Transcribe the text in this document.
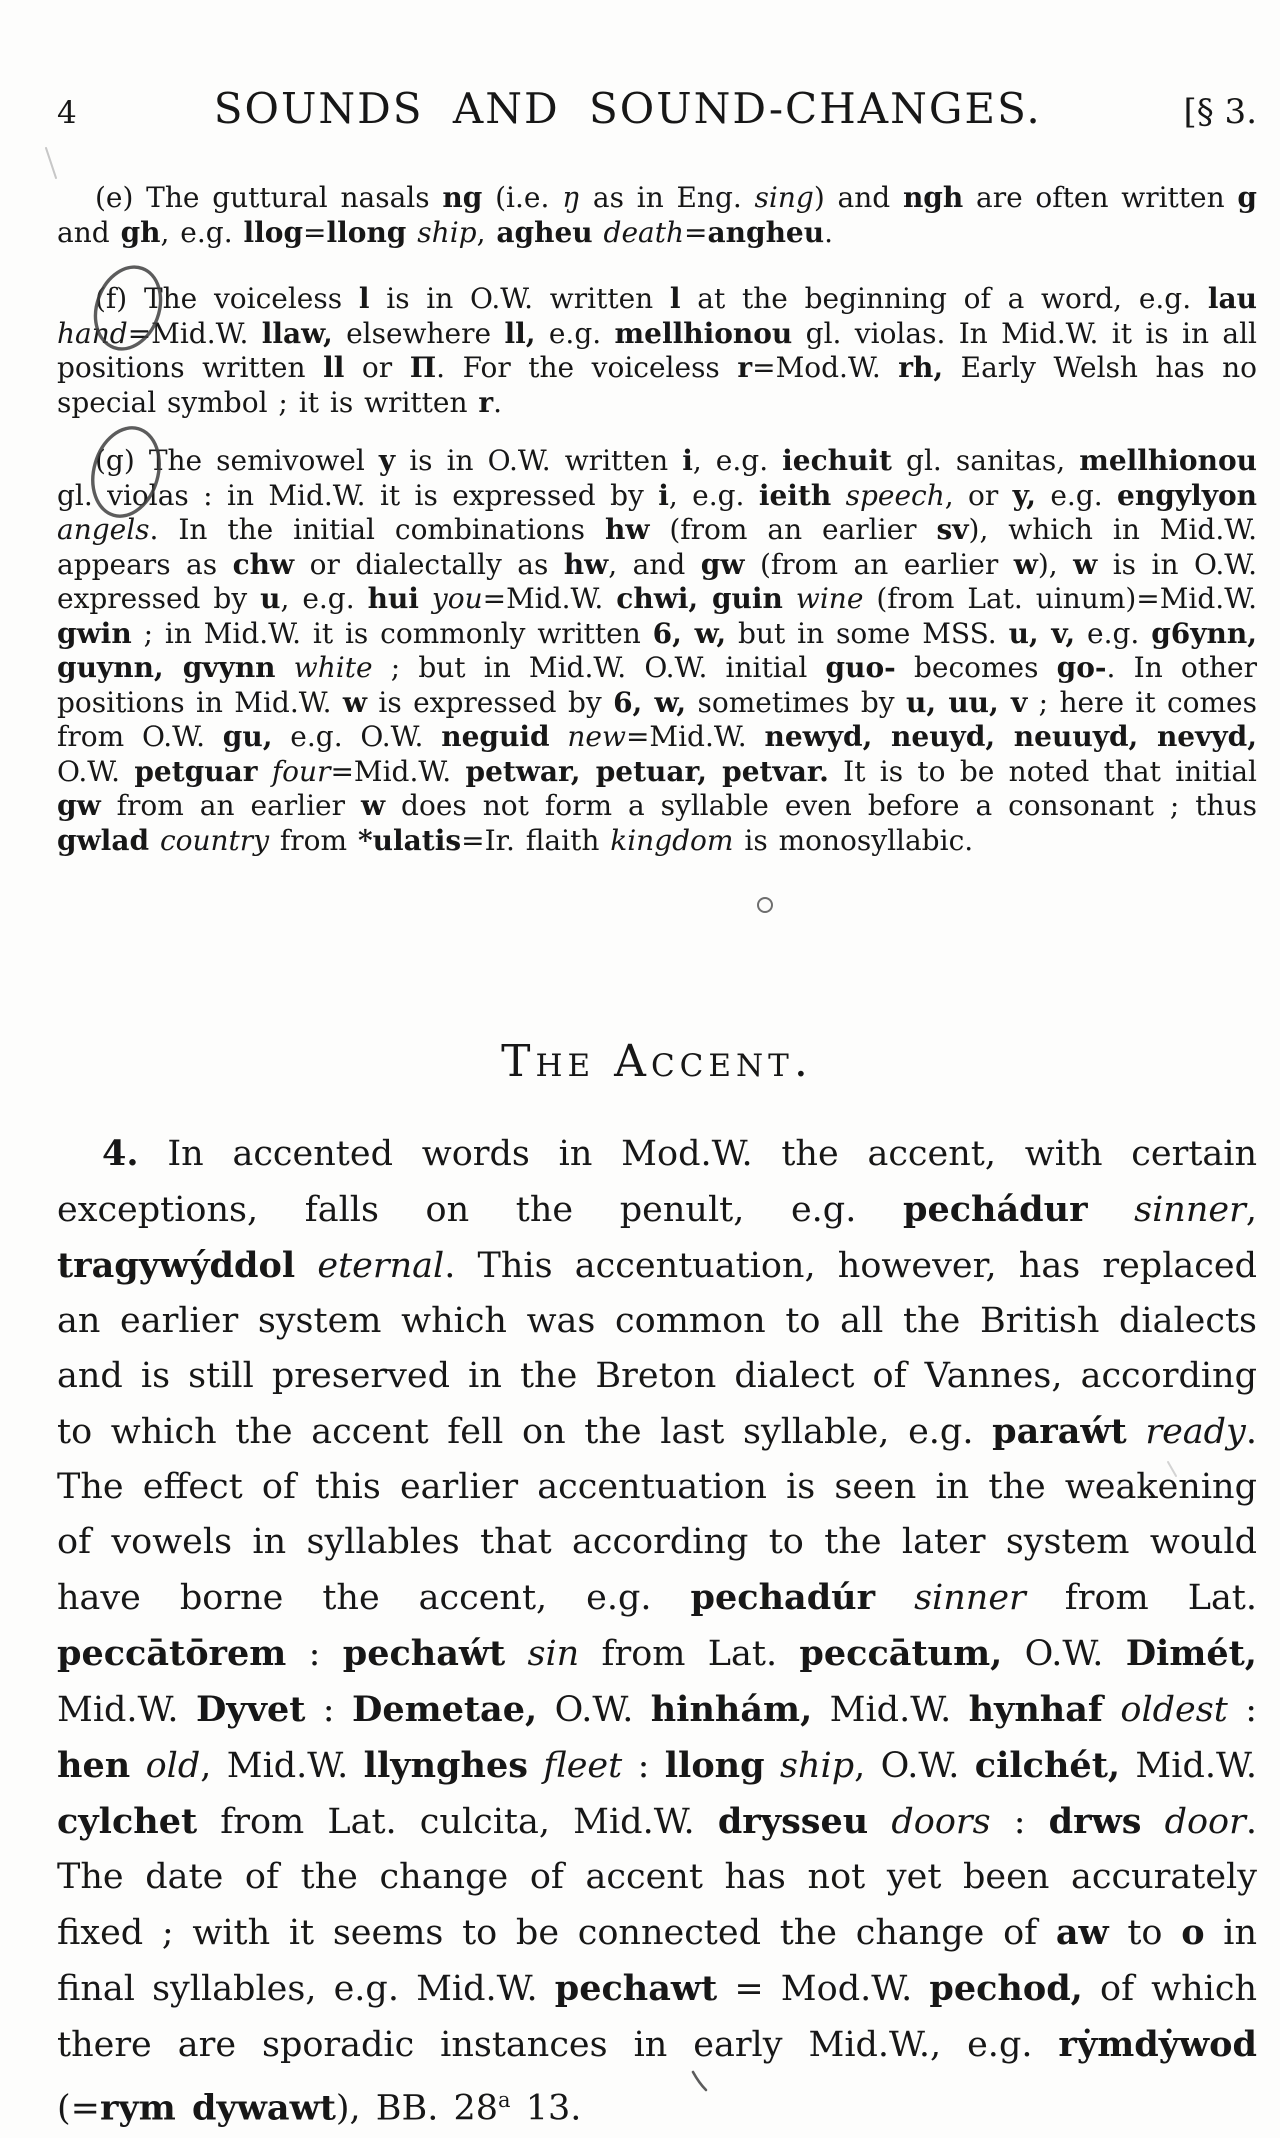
4	SOUNDS AND SOUND-CHANGES.	[§ 3.

(e) The guttural nasals ng (i.e. ŋ as in Eng. sing) and ngh are often written g and gh, e.g. llog=llong ship, agheu death=angheu.

(f) The voiceless l is in O.W. written l at the beginning of a word, e.g. lau hand=Mid.W. llaw, elsewhere ll, e.g. mellhionou gl. violas. In Mid.W. it is in all positions written ll or Π. For the voiceless r=Mod.W. rh, Early Welsh has no special symbol ; it is written r.

(g) The semivowel y is in O.W. written i, e.g. iechuit gl. sanitas, mellhionou gl. violas : in Mid.W. it is expressed by i, e.g. ieith speech, or y, e.g. engylyon angels. In the initial combinations hw (from an earlier sv), which in Mid.W. appears as chw or dialectally as hw, and gw (from an earlier w), w is in O.W. expressed by u, e.g. hui you=Mid.W. chwi, guin wine (from Lat. uinum)=Mid.W. gwin ; in Mid.W. it is commonly written 6, w, but in some MSS. u, v, e.g. g6ynn, guynn, gvynn white ; but in Mid.W. O.W. initial guo- becomes go-. In other positions in Mid.W. w is expressed by 6, w, sometimes by u, uu, v ; here it comes from O.W. gu, e.g. O.W. neguid new=Mid.W. newyd, neuyd, neuuyd, nevyd, O.W. petguar four=Mid.W. petwar, petuar, petvar. It is to be noted that initial gw from an earlier w does not form a syllable even before a consonant ; thus gwlad country from *ulatis=Ir. flaith kingdom is monosyllabic.

The Accent.

4. In accented words in Mod.W. the accent, with certain exceptions, falls on the penult, e.g. pechádur sinner, tragywýddol eternal. This accentuation, however, has replaced an earlier system which was common to all the British dialects and is still preserved in the Breton dialect of Vannes, according to which the accent fell on the last syllable, e.g. paraẃt ready. The effect of this earlier accentuation is seen in the weakening of vowels in syllables that according to the later system would have borne the accent, e.g. pechadúr sinner from Lat. peccātōrem : pechaẃt sin from Lat. peccātum, O.W. Dimét, Mid.W. Dyvet : Demetae, O.W. hinhám, Mid.W. hynhaf oldest : hen old, Mid.W. llynghes fleet : llong ship, O.W. cilchét, Mid.W. cylchet from Lat. culcita, Mid.W. drysseu doors : drws door. The date of the change of accent has not yet been accurately fixed ; with it seems to be connected the change of aw to o in final syllables, e.g. Mid.W. pechawt = Mod.W. pechod, of which there are sporadic instances in early Mid.W., e.g. rẏmdẏwod (=rym dywawt), BB. 28$^a$ 13.
